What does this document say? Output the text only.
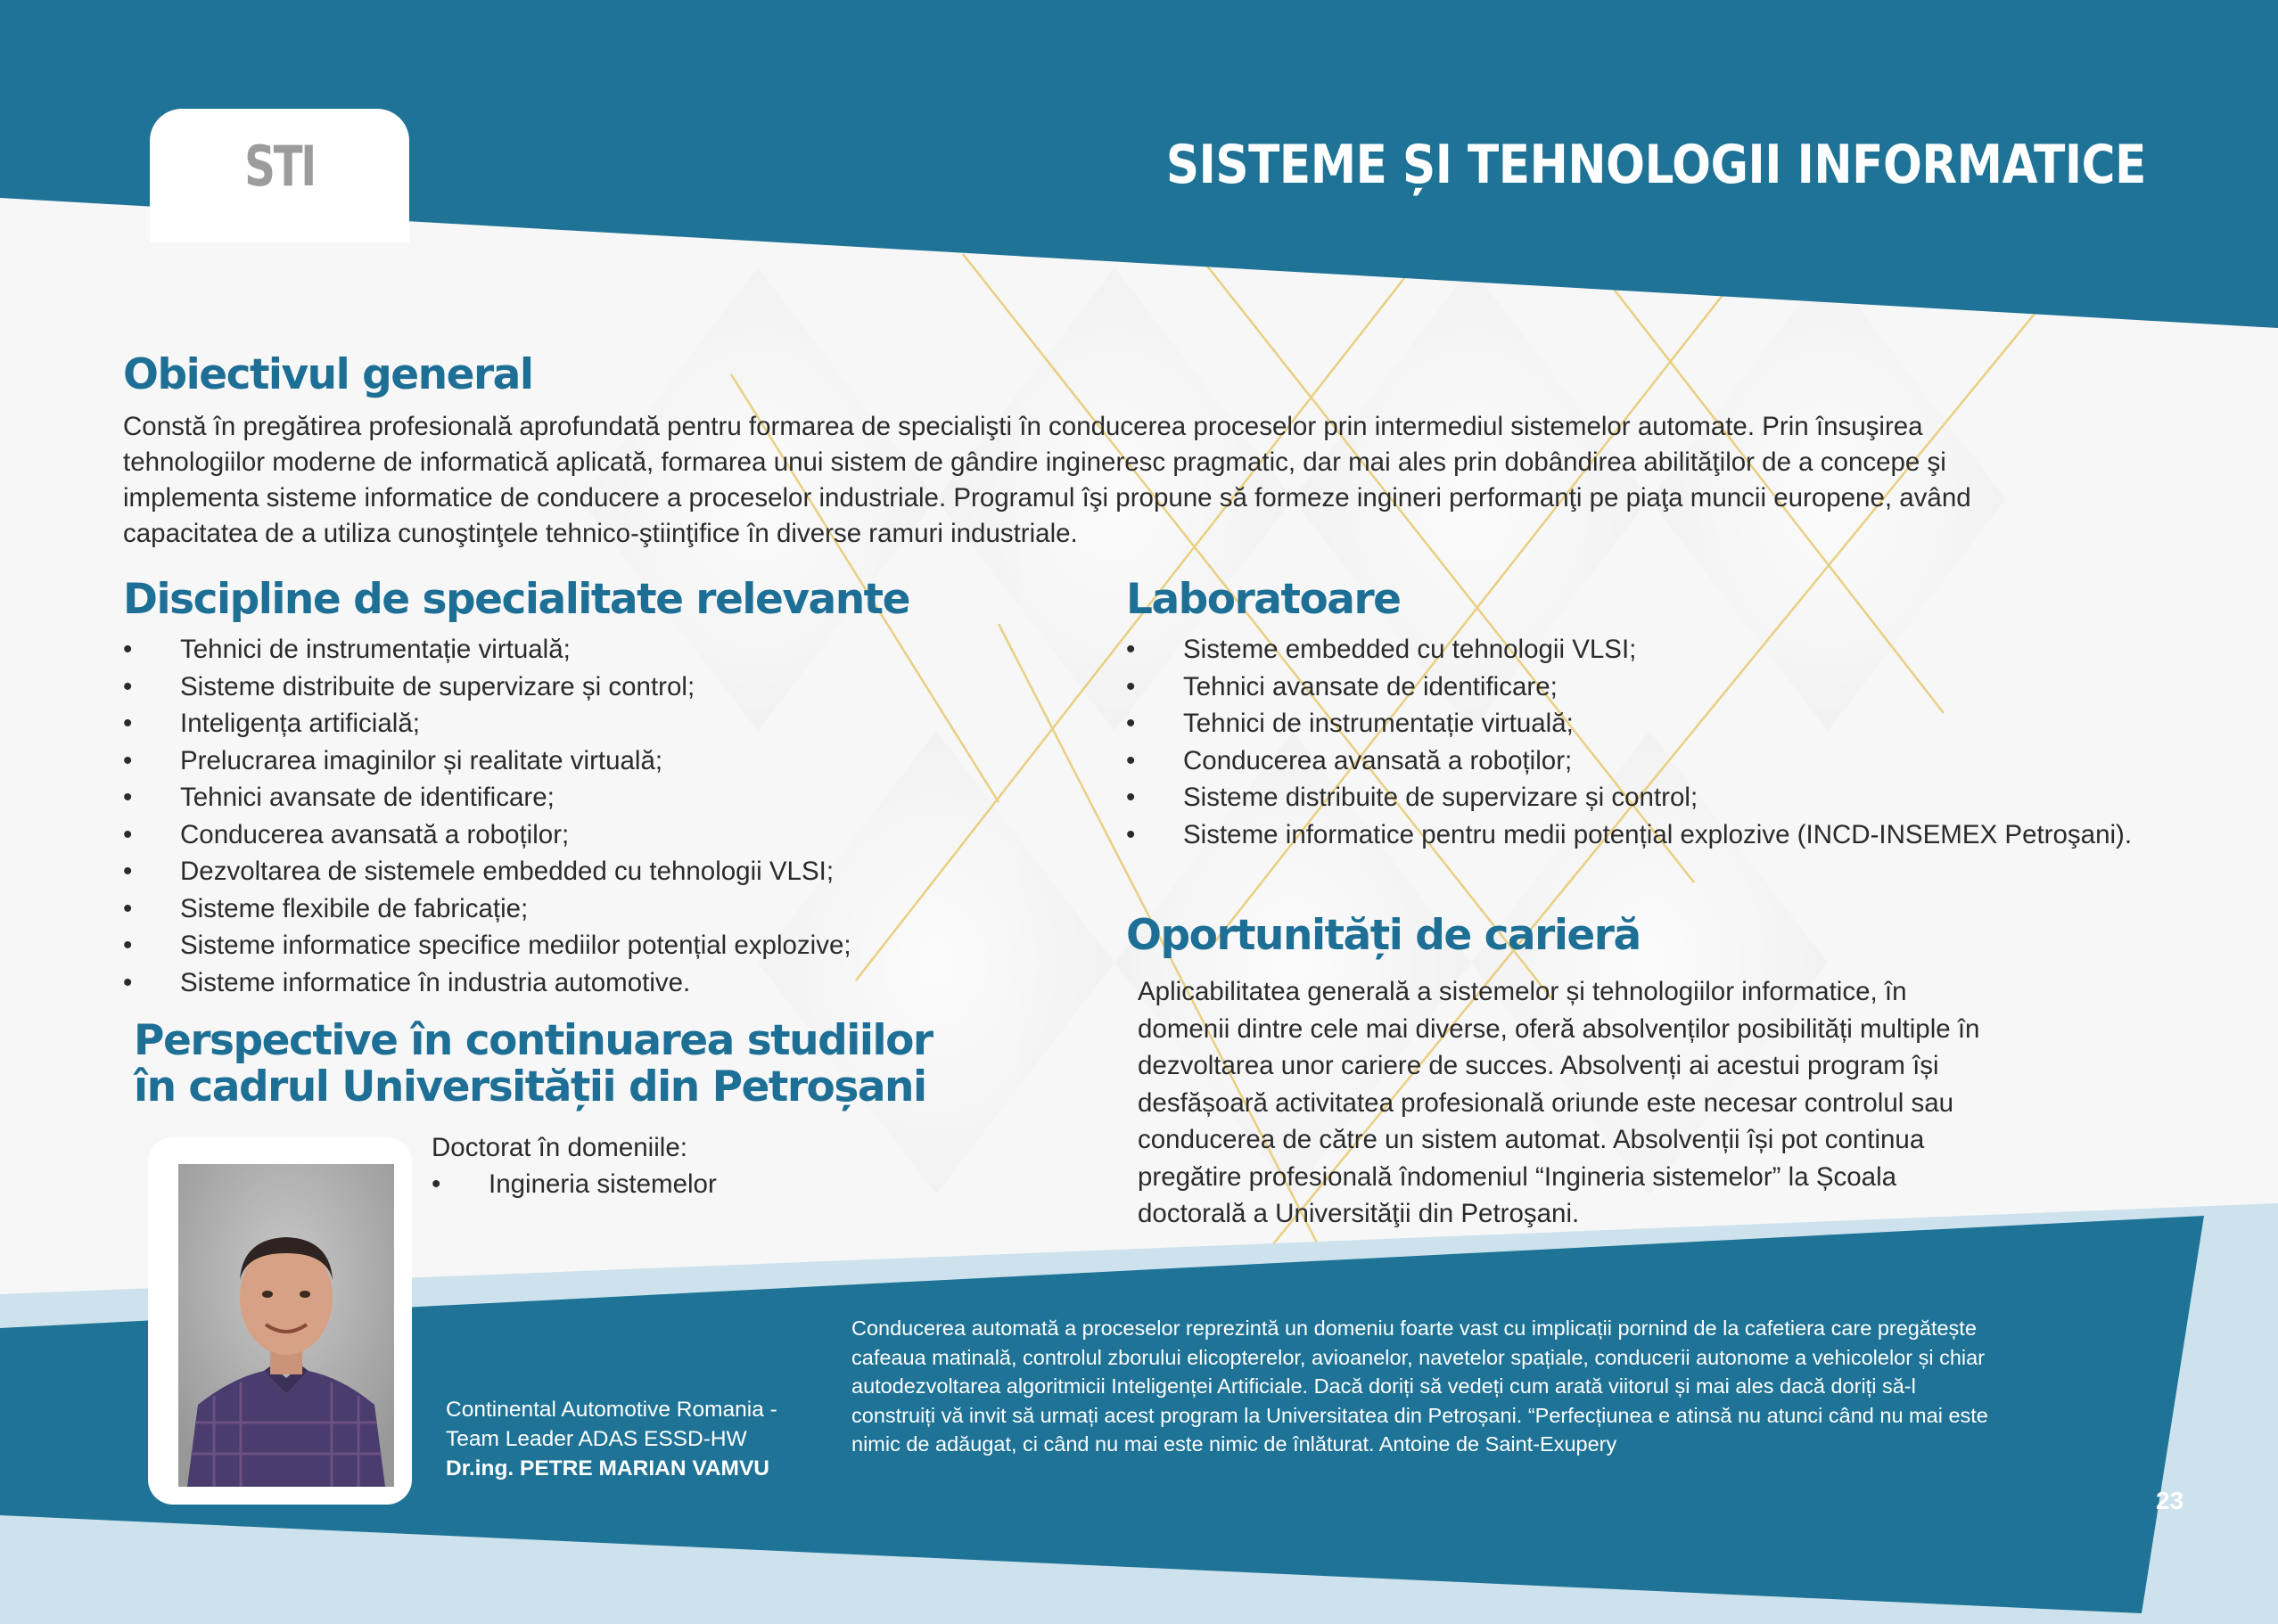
STI	SISTEME ȘI TEHNOLOGII INFORMATICE
Obiectivul general

Constă în pregătirea profesională aprofundată pentru formarea de specialişti în conducerea proceselor prin intermediul sistemelor automate. Prin însuşirea

tehnologiilor moderne de informatică aplicată, formarea unui sistem de gândire ingineresc pragmatic, dar mai ales prin dobândirea abilităţilor de a concepe şi

implementa sisteme informatice de conducere a proceselor industriale. Programul îşi propune să formeze ingineri performanţi pe piaţa muncii europene, având

capacitatea de a utiliza cunoştinţele tehnico-ştiinţifice în diverse ramuri industriale.

Discipline de specialitate relevante
• Tehnici de instrumentație virtuală;
• Sisteme distribuite de supervizare și control;
• Inteligența artificială;
• Prelucrarea imaginilor și realitate virtuală;
• Tehnici avansate de identificare;
• Conducerea avansată a roboților;
• Dezvoltarea de sistemele embedded cu tehnologii VLSI;
• Sisteme flexibile de fabricație;
• Sisteme informatice specifice mediilor potențial explozive;
• Sisteme informatice în industria automotive.
Laboratoare
• Sisteme embedded cu tehnologii VLSI;
• Tehnici avansate de identificare;
• Tehnici de instrumentație virtuală;
• Conducerea avansată a roboților;
• Sisteme distribuite de supervizare și control;
• Sisteme informatice pentru medii potențial explozive (INCD-INSEMEX Petroşani).
Oportunități de carieră

Aplicabilitatea generală a sistemelor și tehnologiilor informatice, în

domenii dintre cele mai diverse, oferă absolvenților posibilități multiple în

dezvoltarea unor cariere de succes. Absolvenți ai acestui program își

desfășoară activitatea profesională oriunde este necesar controlul sau

conducerea de către un sistem automat. Absolvenții își pot continua

pregătire profesională îndomeniul “Ingineria sistemelor” la Școala

doctorală a Universităţii din Petroşani.

Perspective în continuarea studiilor
în cadrul Universității din Petroșani
Doctorat în domeniile:
• Ingineria sistemelor
Continental Automotive Romania -
Team Leader ADAS ESSD-HW
Dr.ing. PETRE MARIAN VAMVU
Conducerea automată a proceselor reprezintă un domeniu foarte vast cu implicații pornind de la cafetiera care pregătește
cafeaua matinală, controlul zborului elicopterelor, avioanelor, navetelor spațiale, conducerii autonome a vehicolelor și chiar
autodezvoltarea algoritmicii Inteligenței Artificiale. Dacă doriți să vedeți cum arată viitorul și mai ales dacă doriți să-l
construiți vă invit să urmați acest program la Universitatea din Petroșani. “Perfecțiunea e atinsă nu atunci când nu mai este
nimic de adăugat, ci când nu mai este nimic de înlăturat. Antoine de Saint-Exupery
23
